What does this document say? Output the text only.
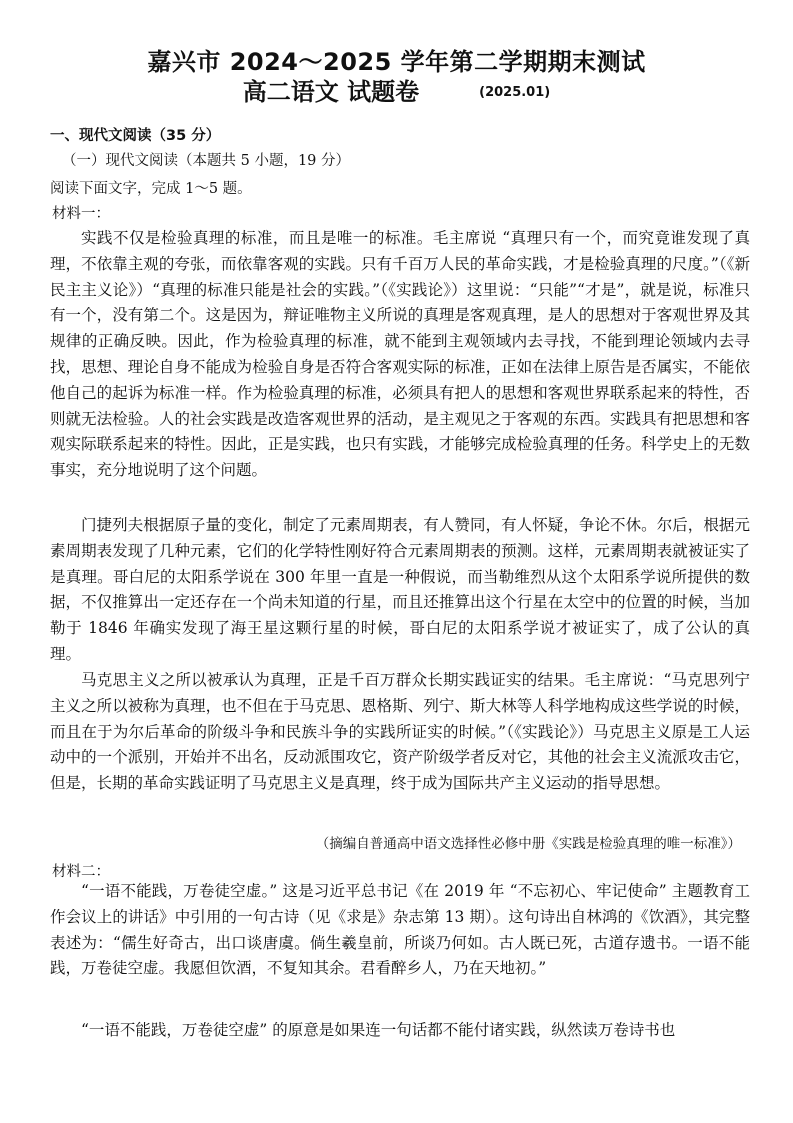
嘉兴市 2024～2025 学年第二学期期末测试
高二语文 试题卷	(2025.01)
一、现代文阅读（35 分）
（一）现代文阅读（本题共 5 小题，19 分）
阅读下面文字，完成 1～5 题。
材料一：

实践不仅是检验真理的标准，而且是唯一的标准。毛主席说 “真理只有一个，而究竟谁发现了真理，不依靠主观的夸张，而依靠客观的实践。只有千百万人民的革命实践，才是检验真理的尺度。”（《新民主主义论》）“真理的标准只能是社会的实践。”（《实践论》）这里说：“只能”“才是”，就是说，标准只有一个，没有第二个。这是因为，辩证唯物主义所说的真理是客观真理，是人的思想对于客观世界及其规律的正确反映。因此，作为检验真理的标准，就不能到主观领域内去寻找，不能到理论领域内去寻找，思想、理论自身不能成为检验自身是否符合客观实际的标准，正如在法律上原告是否属实，不能依他自己的起诉为标准一样。作为检验真理的标准，必须具有把人的思想和客观世界联系起来的特性，否则就无法检验。人的社会实践是改造客观世界的活动，是主观见之于客观的东西。实践具有把思想和客观实际联系起来的特性。因此，正是实践，也只有实践，才能够完成检验真理的任务。科学史上的无数事实，充分地说明了这个问题。

门捷列夫根据原子量的变化，制定了元素周期表，有人赞同，有人怀疑，争论不休。尔后，根据元素周期表发现了几种元素，它们的化学特性刚好符合元素周期表的预测。这样，元素周期表就被证实了是真理。哥白尼的太阳系学说在 300 年里一直是一种假说，而当勒维烈从这个太阳系学说所提供的数据，不仅推算出一定还存在一个尚未知道的行星，而且还推算出这个行星在太空中的位置的时候，当加勒于 1846 年确实发现了海王星这颗行星的时候，哥白尼的太阳系学说才被证实了，成了公认的真理。

马克思主义之所以被承认为真理，正是千百万群众长期实践证实的结果。毛主席说：“马克思列宁主义之所以被称为真理，也不但在于马克思、恩格斯、列宁、斯大林等人科学地构成这些学说的时候，而且在于为尔后革命的阶级斗争和民族斗争的实践所证实的时候。”（《实践论》）马克思主义原是工人运动中的一个派别，开始并不出名，反动派围攻它，资产阶级学者反对它，其他的社会主义流派攻击它，但是，长期的革命实践证明了马克思主义是真理，终于成为国际共产主义运动的指导思想。

（摘编自普通高中语文选择性必修中册《实践是检验真理的唯一标准》）
材料二：

“一语不能践，万卷徒空虚。” 这是习近平总书记《在 2019 年 “不忘初心、牢记使命” 主题教育工作会议上的讲话》中引用的一句古诗（见《求是》杂志第 13 期）。这句诗出自林鸿的《饮酒》，其完整表述为：“儒生好奇古，出口谈唐虞。倘生羲皇前，所谈乃何如。古人既已死，古道存遗书。一语不能践，万卷徒空虚。我愿但饮酒，不复知其余。君看醉乡人，乃在天地初。”

“一语不能践，万卷徒空虚” 的原意是如果连一句话都不能付诸实践，纵然读万卷诗书也
